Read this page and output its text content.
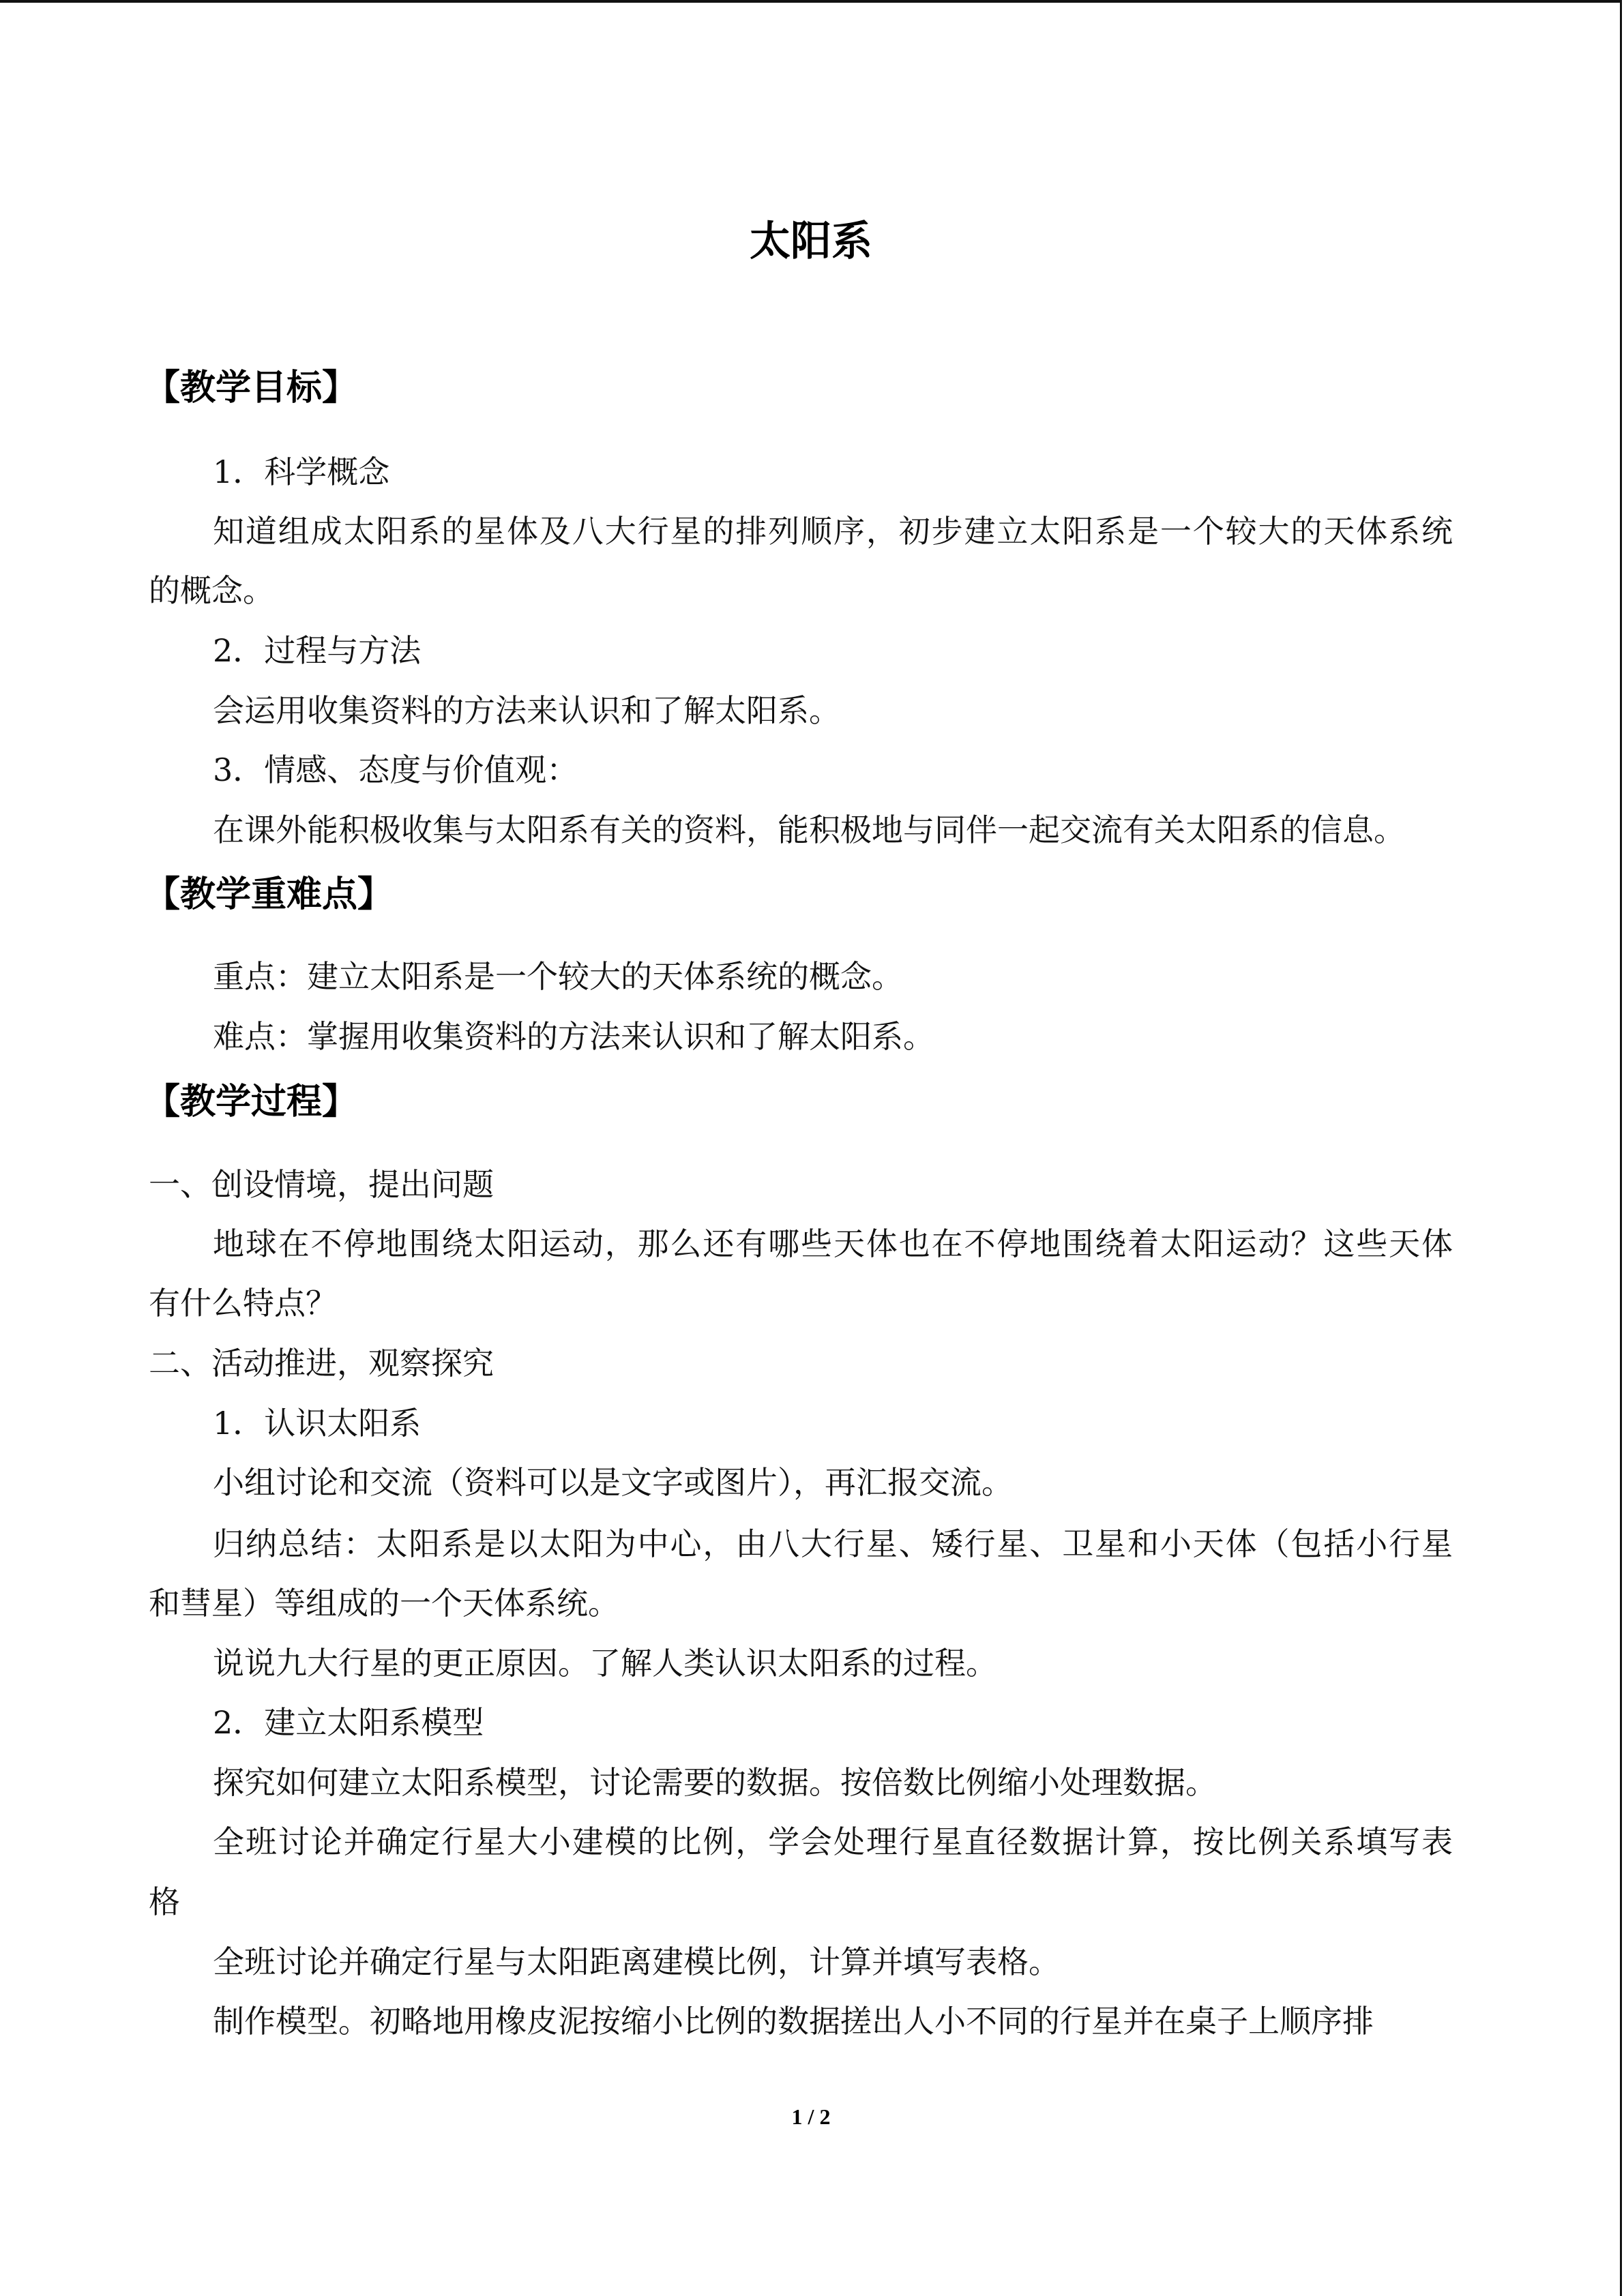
太阳系
【教学目标】
1．科学概念
知道组成太阳系的星体及八大行星的排列顺序，初步建立太阳系是一个较大的天体系统
的概念。
2．过程与方法
会运用收集资料的方法来认识和了解太阳系。
3．情感、态度与价值观：
在课外能积极收集与太阳系有关的资料，能积极地与同伴一起交流有关太阳系的信息。
【教学重难点】
重点：建立太阳系是一个较大的天体系统的概念。
难点：掌握用收集资料的方法来认识和了解太阳系。
【教学过程】
一、创设情境，提出问题
地球在不停地围绕太阳运动，那么还有哪些天体也在不停地围绕着太阳运动？这些天体
有什么特点？
二、活动推进，观察探究
1．认识太阳系
小组讨论和交流（资料可以是文字或图片），再汇报交流。
归纳总结：太阳系是以太阳为中心，由八大行星、矮行星、卫星和小天体（包括小行星
和彗星）等组成的一个天体系统。
说说九大行星的更正原因。了解人类认识太阳系的过程。
2．建立太阳系模型
探究如何建立太阳系模型，讨论需要的数据。按倍数比例缩小处理数据。
全班讨论并确定行星大小建模的比例，学会处理行星直径数据计算，按比例关系填写表
格
全班讨论并确定行星与太阳距离建模比例，计算并填写表格。
制作模型。初略地用橡皮泥按缩小比例的数据搓出人小不同的行星并在桌子上顺序排
1 / 2
